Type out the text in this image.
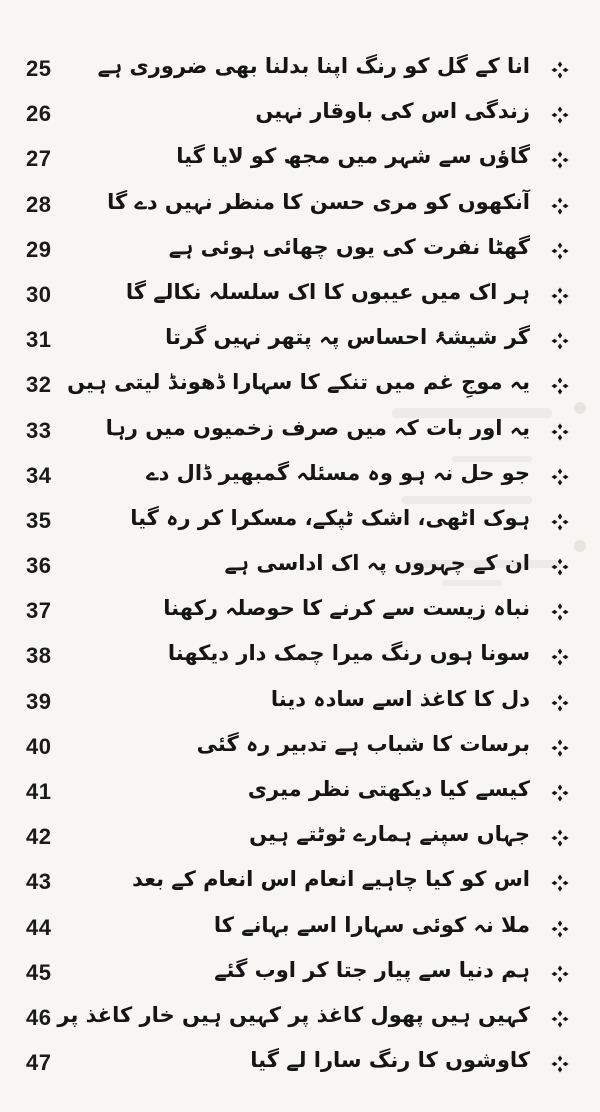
25	انا کے گل کو رنگ اپنا بدلنا بھی ضروری ہے
26	زندگی اس کی باوقار نہیں
27	گاؤں سے شہر میں مجھ کو لایا گیا
28	آنکھوں کو مری حسن کا منظر نہیں دے گا
29	گھٹا نفرت کی یوں چھائی ہوئی ہے
30	ہر اک میں عیبوں کا اک سلسلہ نکالے گا
31	گر شیشۂ احساس پہ پتھر نہیں گرتا
32 یہ موجِ غم میں تنکے کا سہارا ڈھونڈ لیتی ہیں
33	یہ اور بات کہ میں صرف زخمیوں میں رہا
34	جو حل نہ ہو وہ مسئلہ گمبھیر ڈال دے
35	ہوک اٹھی، اشک ٹپکے، مسکرا کر رہ گیا
36	ان کے چہروں پہ اک اداسی ہے
37	نباہ زیست سے کرنے کا حوصلہ رکھنا
38	سونا ہوں رنگ میرا چمک دار دیکھنا
39	دل کا کاغذ اسے سادہ دینا
40	برسات کا شباب ہے تدبیر رہ گئی
41	کیسے کیا دیکھتی نظر میری
42	جہاں سپنے ہمارے ٹوٹتے ہیں
43	اس کو کیا چاہیے انعام اس انعام کے بعد
44	ملا نہ کوئی سہارا اسے بہانے کا
45	ہم دنیا سے پیار جتا کر اوب گئے
46 کہیں ہیں پھول کاغذ پر کہیں ہیں خار کاغذ پر
47	کاوشوں کا رنگ سارا لے گیا
